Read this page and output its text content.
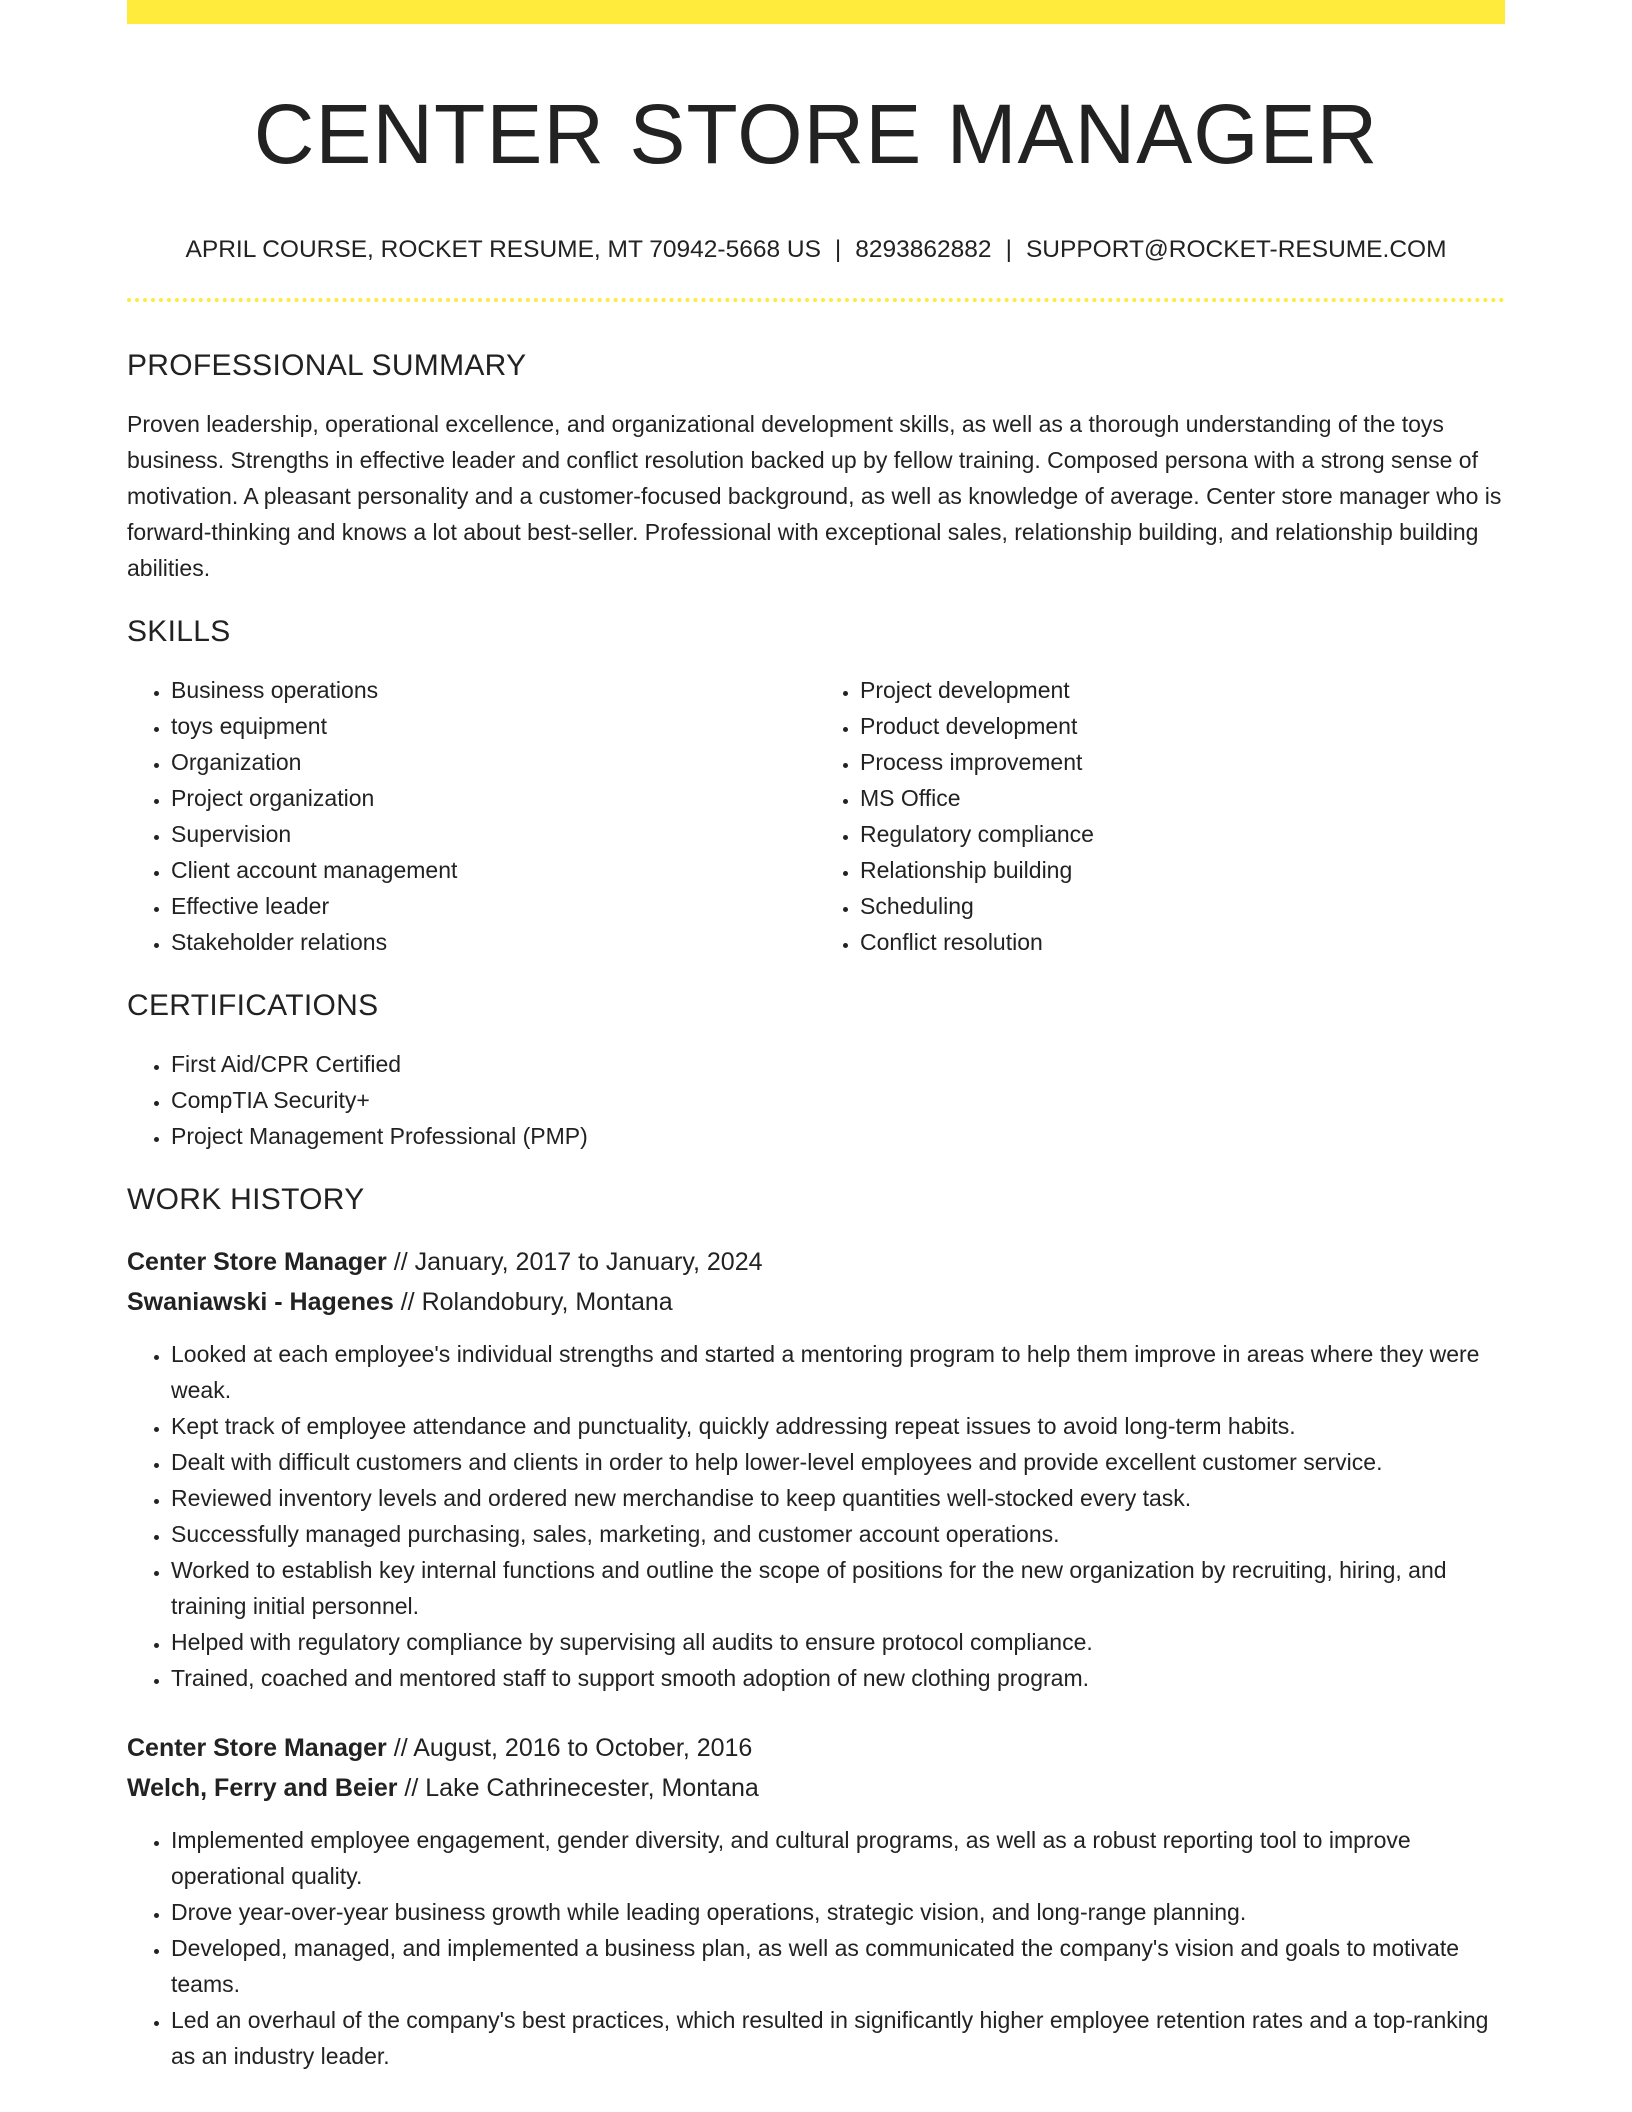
CENTER STORE MANAGER
APRIL COURSE, ROCKET RESUME, MT 70942-5668 US | 8293862882 | SUPPORT@ROCKET-RESUME.COM
PROFESSIONAL SUMMARY

Proven leadership, operational excellence, and organizational development skills, as well as a thorough understanding of the toys business. Strengths in effective leader and conflict resolution backed up by fellow training. Composed persona with a strong sense of motivation. A pleasant personality and a customer-focused background, as well as knowledge of average. Center store manager who is forward-thinking and knows a lot about best-seller. Professional with exceptional sales, relationship building, and relationship building abilities.

SKILLS
• Business operations
• toys equipment
• Organization
• Project organization
• Supervision
• Client account management
• Effective leader
• Stakeholder relations
• Project development
• Product development
• Process improvement
• MS Office
• Regulatory compliance
• Relationship building
• Scheduling
• Conflict resolution
CERTIFICATIONS
• First Aid/CPR Certified
• CompTIA Security+
• Project Management Professional (PMP)
WORK HISTORY
Center Store Manager // January, 2017 to January, 2024
Swaniawski - Hagenes // Rolandobury, Montana
• Looked at each employee's individual strengths and started a mentoring program to help them improve in areas where they were weak.
• Kept track of employee attendance and punctuality, quickly addressing repeat issues to avoid long-term habits.
• Dealt with difficult customers and clients in order to help lower-level employees and provide excellent customer service.
• Reviewed inventory levels and ordered new merchandise to keep quantities well-stocked every task.
• Successfully managed purchasing, sales, marketing, and customer account operations.
• Worked to establish key internal functions and outline the scope of positions for the new organization by recruiting, hiring, and training initial personnel.
• Helped with regulatory compliance by supervising all audits to ensure protocol compliance.
• Trained, coached and mentored staff to support smooth adoption of new clothing program.
Center Store Manager // August, 2016 to October, 2016
Welch, Ferry and Beier // Lake Cathrinecester, Montana
• Implemented employee engagement, gender diversity, and cultural programs, as well as a robust reporting tool to improve operational quality.
• Drove year-over-year business growth while leading operations, strategic vision, and long-range planning.
• Developed, managed, and implemented a business plan, as well as communicated the company's vision and goals to motivate teams.
• Led an overhaul of the company's best practices, which resulted in significantly higher employee retention rates and a top-ranking as an industry leader.
